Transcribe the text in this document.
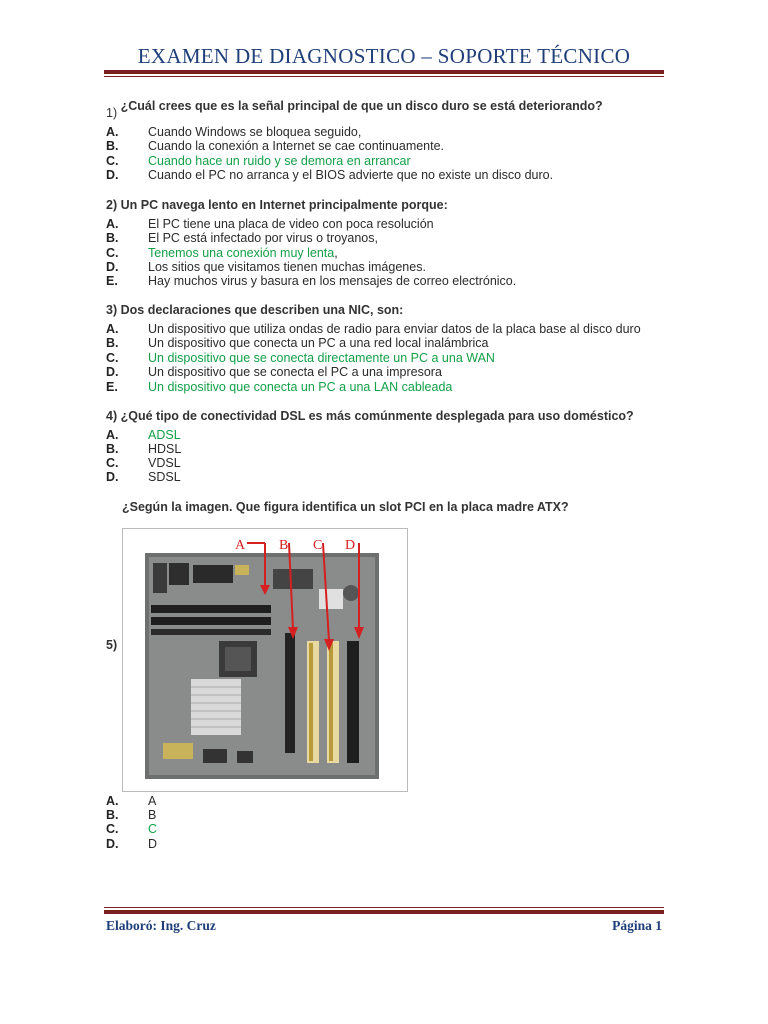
EXAMEN DE DIAGNOSTICO – SOPORTE TÉCNICO
1) ¿Cuál crees que es la señal principal de que un disco duro se está deteriorando?
A. Cuando Windows se bloquea seguido,
B. Cuando la conexión a Internet se cae continuamente.
C. Cuando hace un ruido y se demora en arrancar
D. Cuando el PC no arranca y el BIOS advierte que no existe un disco duro.
2) Un PC navega lento en Internet principalmente porque:
A. El PC tiene una placa de video con poca resolución
B. El PC está infectado por virus o troyanos,
C. Tenemos una conexión muy lenta,
D. Los sitios que visitamos tienen muchas imágenes.
E. Hay muchos virus y basura en los mensajes de correo electrónico.
3) Dos declaraciones que describen una NIC, son:
A. Un dispositivo que utiliza ondas de radio para enviar datos de la placa base al disco duro
B. Un dispositivo que conecta un PC a una red local inalámbrica
C. Un dispositivo que se conecta directamente un PC a una WAN
D. Un dispositivo que se conecta el PC a una impresora
E. Un dispositivo que conecta un PC a una LAN cableada
4) ¿Qué tipo de conectividad DSL es más comúnmente desplegada para uso doméstico?
A. ADSL
B. HDSL
C. VDSL
D. SDSL
¿Según la imagen. Que figura identifica un slot PCI en la placa madre ATX?
5)
A B C D
A. A
B. B
C. C
D. D
Elaboró: Ing. Cruz	Página 1
